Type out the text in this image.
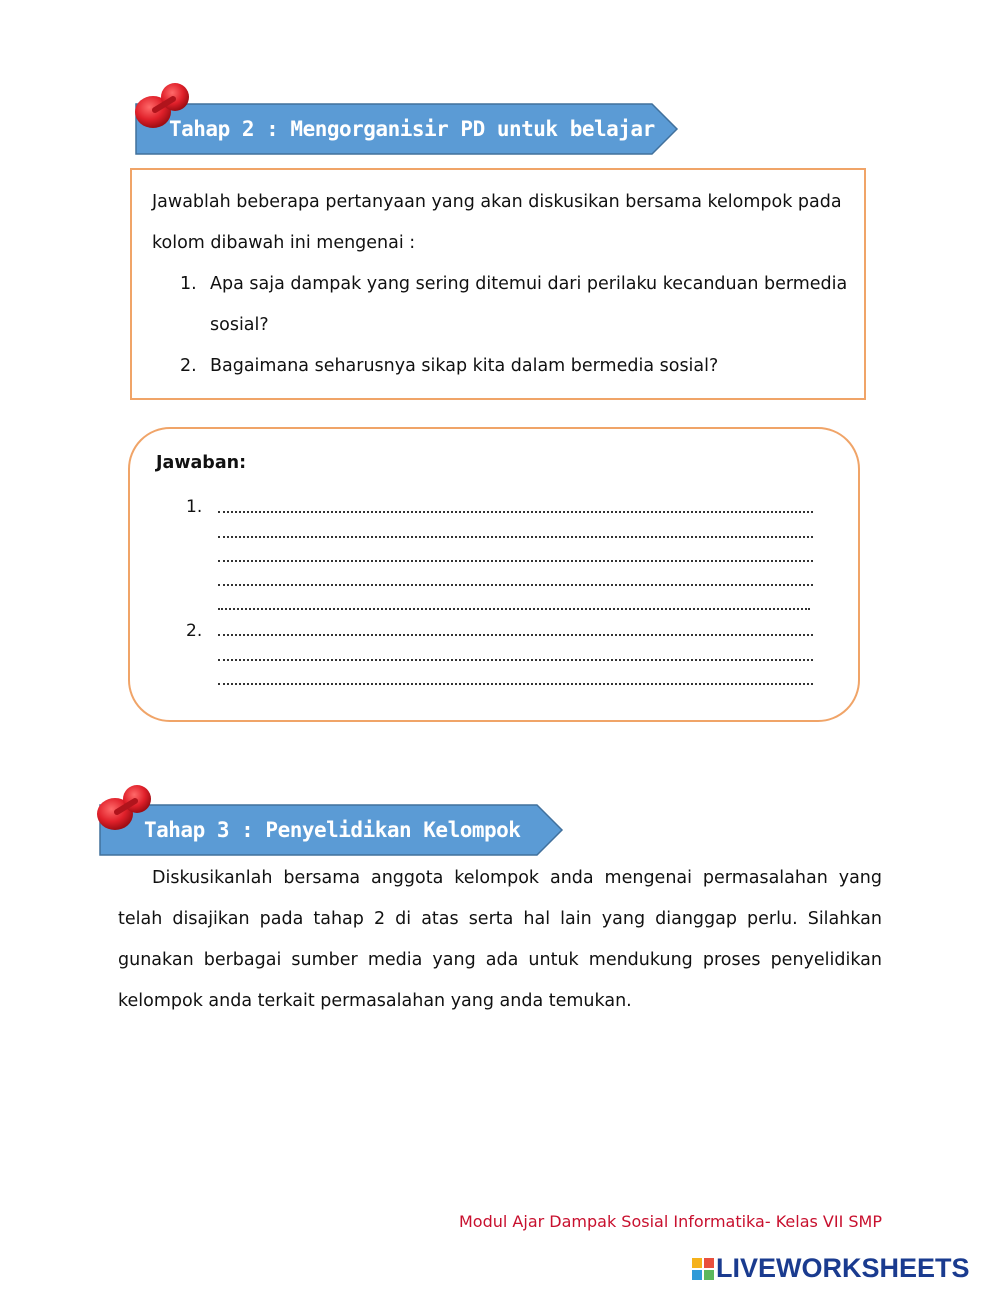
Tahap 2 : Mengorganisir PD untuk belajar
Jawablah beberapa pertanyaan yang akan diskusikan bersama kelompok pada kolom dibawah ini mengenai :
1. Apa saja dampak yang sering ditemui dari perilaku kecanduan bermedia sosial?
2. Bagaimana seharusnya sikap kita dalam bermedia sosial?
Jawaban:
1.
2.
Tahap 3 : Penyelidikan Kelompok

Diskusikanlah bersama anggota kelompok anda mengenai permasalahan yang telah disajikan pada tahap 2 di atas serta hal lain yang dianggap perlu. Silahkan gunakan berbagai sumber media yang ada untuk mendukung proses penyelidikan kelompok anda terkait permasalahan yang anda temukan.

Modul Ajar Dampak Sosial Informatika- Kelas VII SMP
LIVEWORKSHEETS
